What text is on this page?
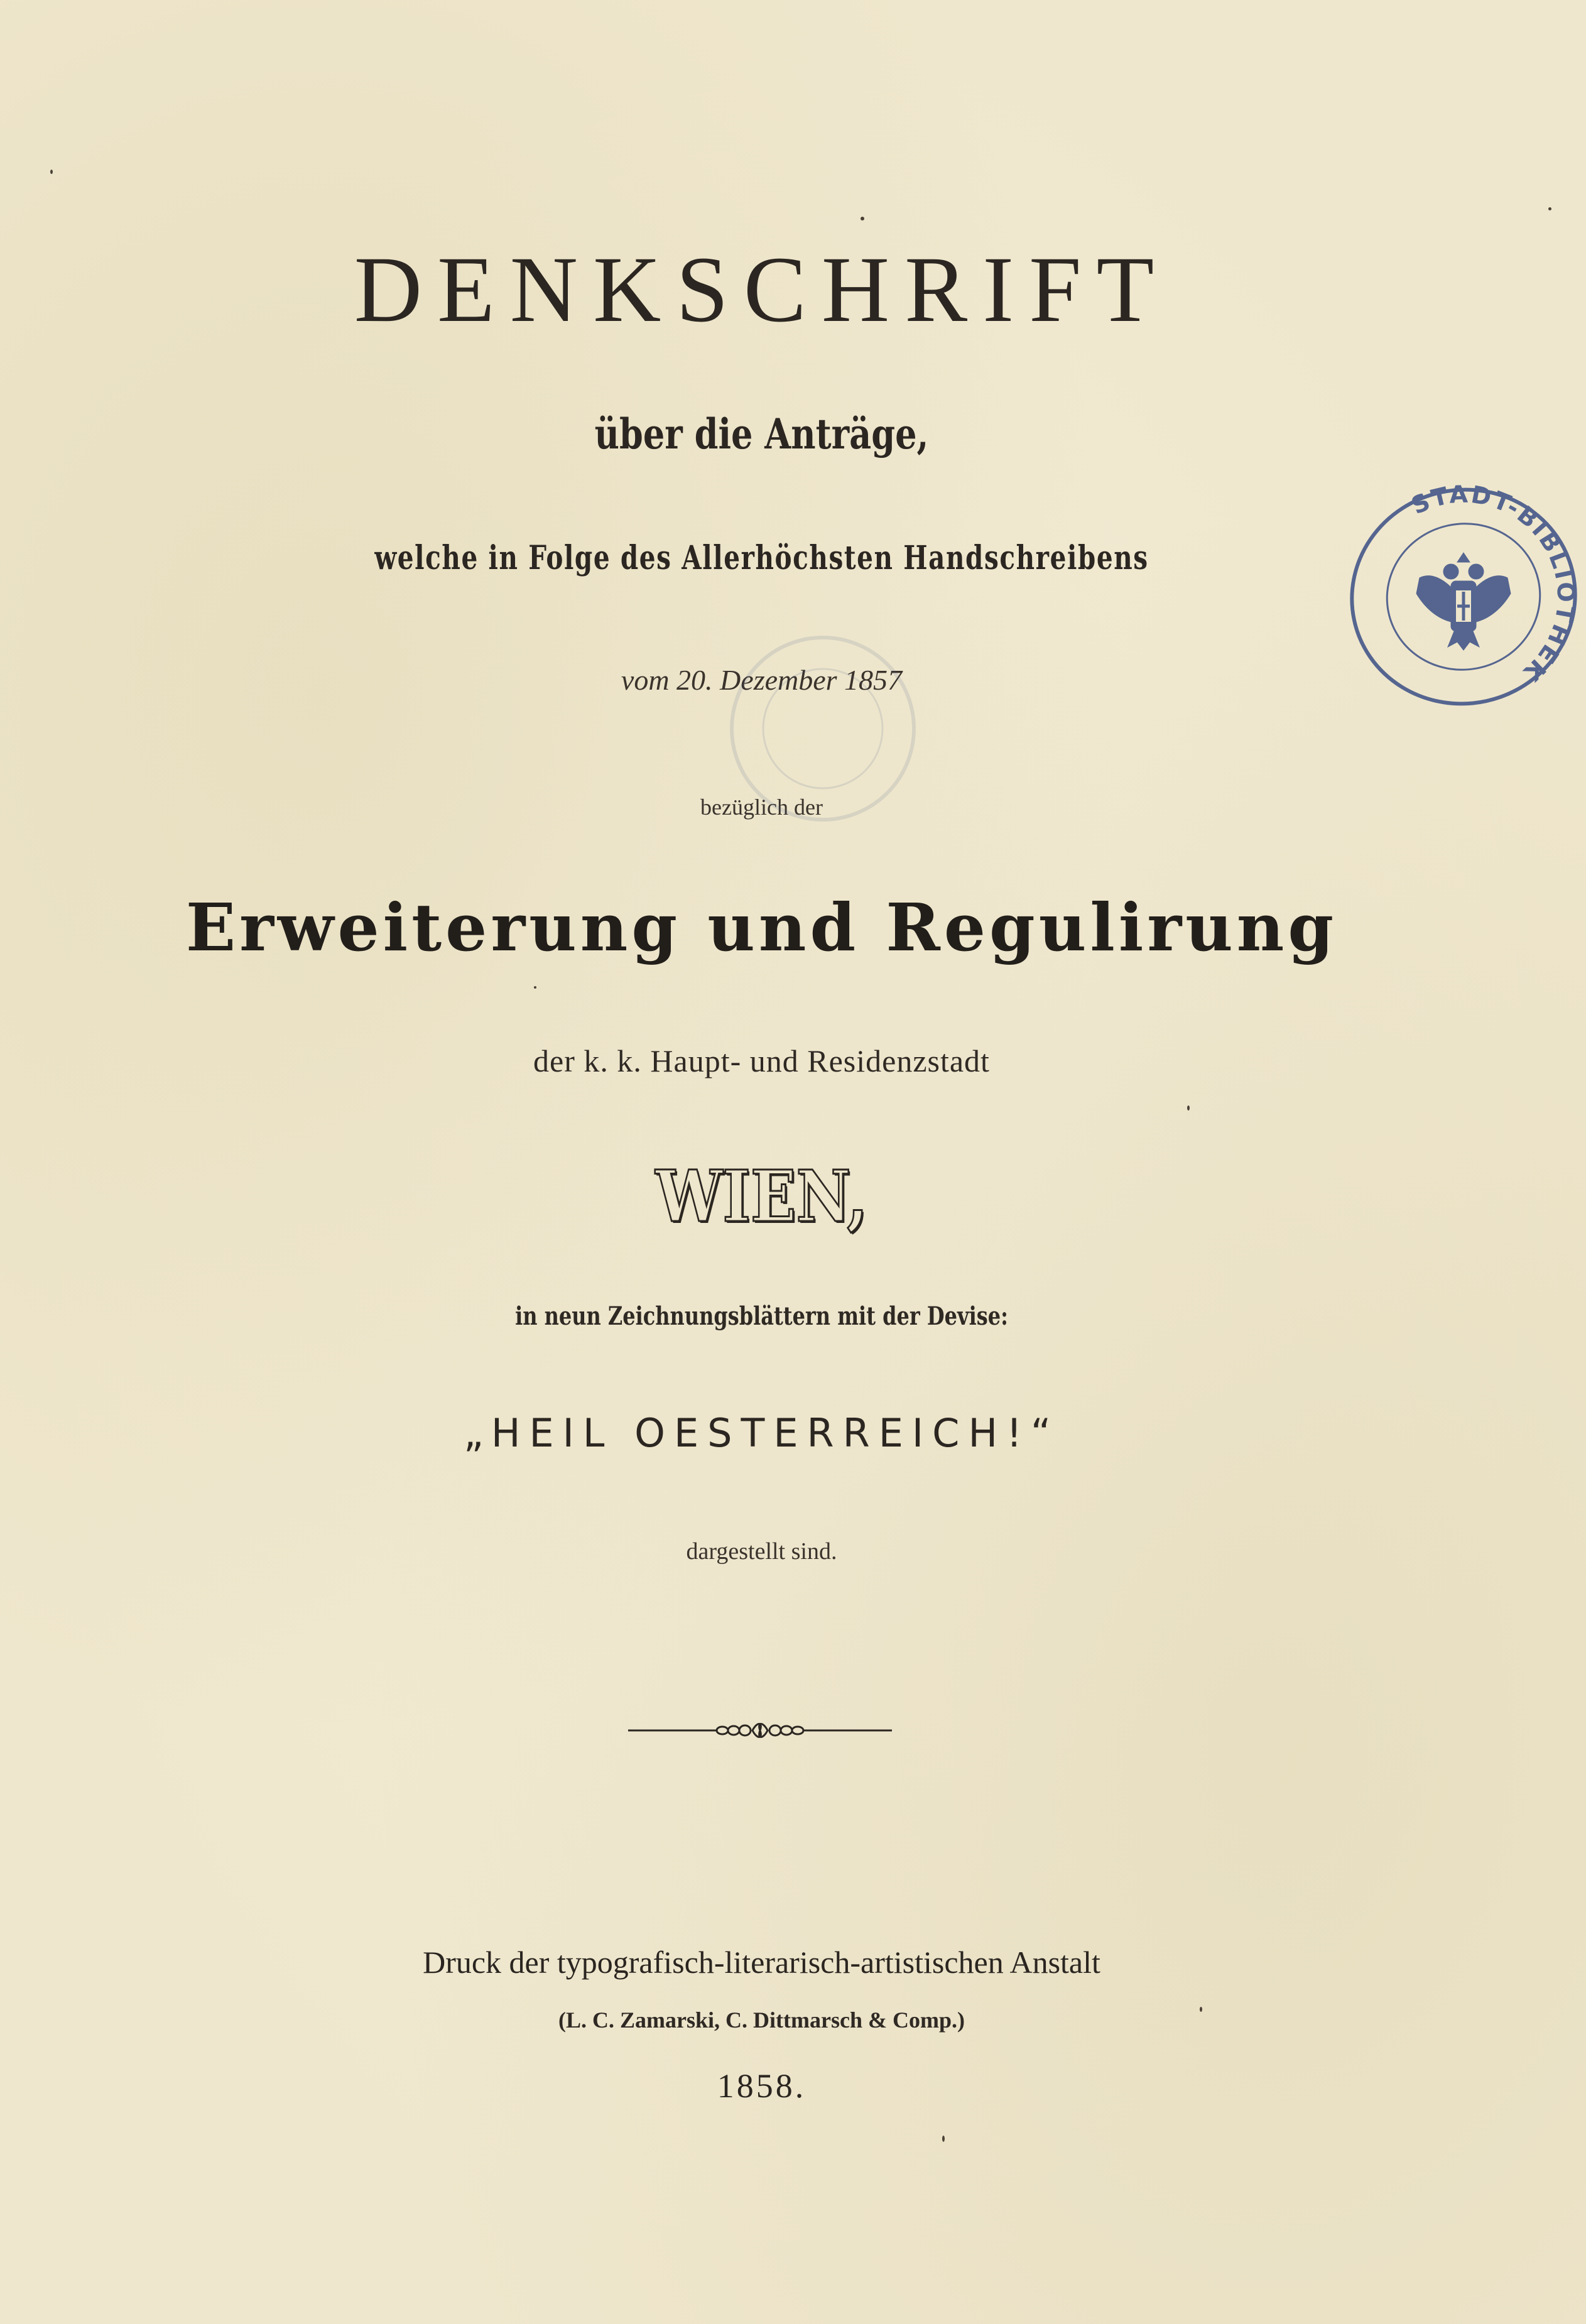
DENKSCHRIFT
über die Anträge,
welche in Folge des Allerhöchsten Handschreibens
vom 20. Dezember 1857
bezüglich der
Erweiterung und Regulirung
der k. k. Haupt- und Residenzstadt
WIEN,
in neun Zeichnungsblättern mit der Devise:
„HEIL OESTERREICH!“
dargestellt sind.
Druck der typografisch-literarisch-artistischen Anstalt
(L. C. Zamarski, C. Dittmarsch & Comp.)
1858.
STADT-BIBLIOTHEK
